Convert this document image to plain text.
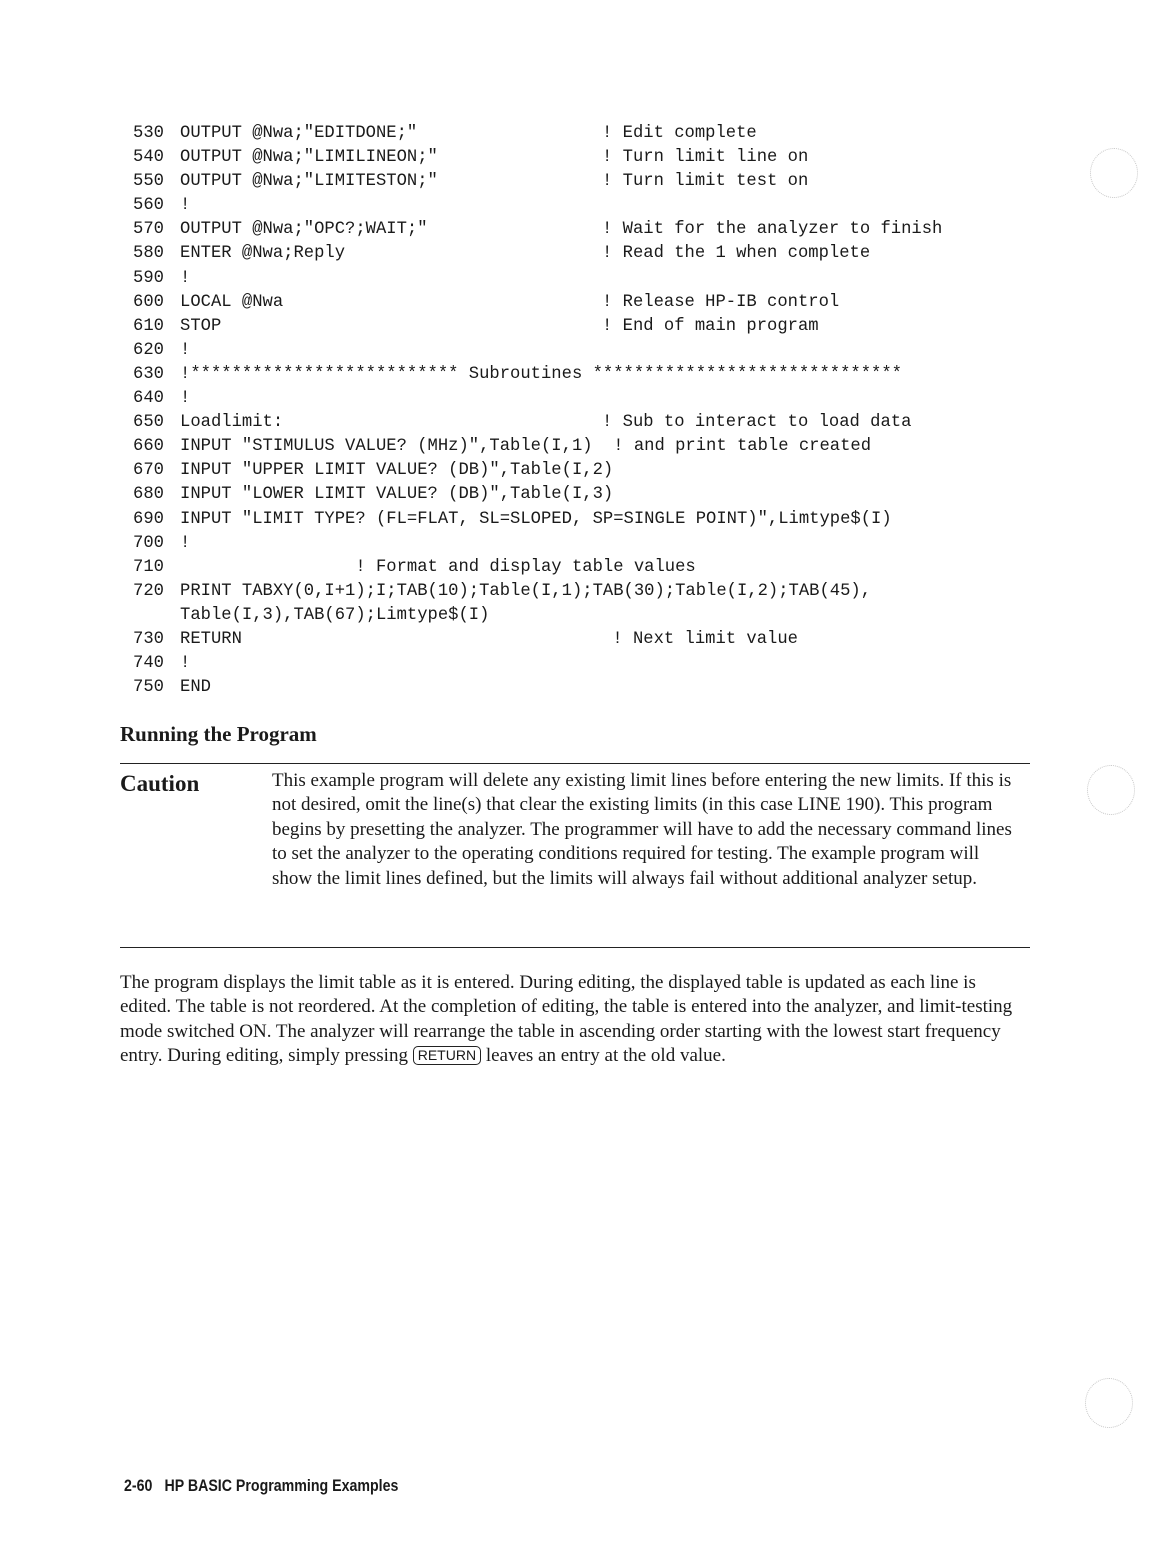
530 OUTPUT @Nwa;"EDITDONE;"	! Edit complete
540 OUTPUT @Nwa;"LIMILINEON;"	! Turn limit line on
550 OUTPUT @Nwa;"LIMITESTON;"	! Turn limit test on
560 !
570 OUTPUT @Nwa;"OPC?;WAIT;"	! Wait for the analyzer to finish
580 ENTER @Nwa;Reply	! Read the 1 when complete
590 !
600 LOCAL @Nwa	! Release HP-IB control
610 STOP	! End of main program
620 !
630 !************************** Subroutines ******************************
640 !
650 Loadlimit:	! Sub to interact to load data
660 INPUT "STIMULUS VALUE? (MHz)",Table(I,1)  ! and print table created
670 INPUT "UPPER LIMIT VALUE? (DB)",Table(I,2)
680 INPUT "LOWER LIMIT VALUE? (DB)",Table(I,3)
690 INPUT "LIMIT TYPE? (FL=FLAT, SL=SLOPED, SP=SINGLE POINT)",Limtype$(I)
700 !
710 ! Format and display table values
720 PRINT TABXY(0,I+1);I;TAB(10);Table(I,1);TAB(30);Table(I,2);TAB(45),
Table(I,3),TAB(67);Limtype$(I)
730 RETURN	! Next limit value
740 !
750 END
Running the Program
Caution	This example program will delete any existing limit lines before entering the new limits. If this is not desired, omit the line(s) that clear the existing limits (in this case LINE 190). This program begins by presetting the analyzer. The programmer will have to add the necessary command lines to set the analyzer to the operating conditions required for testing. The example program will show the limit lines defined, but the limits will always fail without additional analyzer setup.

The program displays the limit table as it is entered. During editing, the displayed table is updated as each line is edited. The table is not reordered. At the completion of editing, the table is entered into the analyzer, and limit-testing mode switched ON. The analyzer will rearrange the table in ascending order starting with the lowest start frequency entry. During editing, simply pressing RETURN leaves an entry at the old value.

2-60 HP BASIC Programming Examples
